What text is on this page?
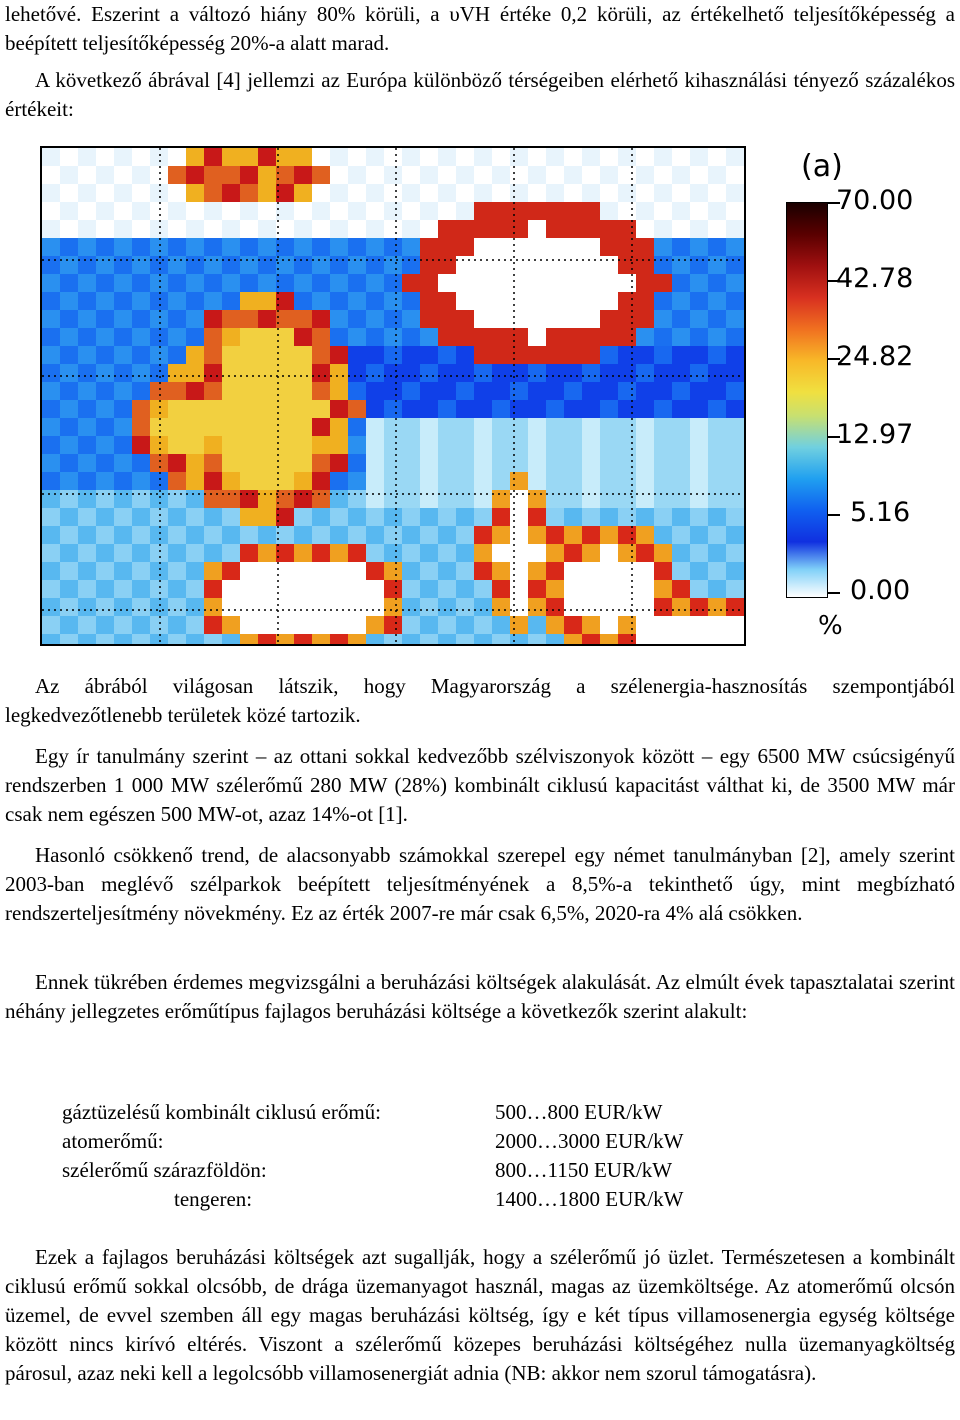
lehetővé. Eszerint a változó hiány 80% körüli, a υVH értéke 0,2 körüli, az értékelhető teljesítőképesség a beépített teljesítőképesség 20%-a alatt marad.

A következő ábrával [4] jellemzi az Európa különböző térségeiben elérhető kihasználási tényező százalékos értékeit:

(a)
70.00
42.78
24.82
12.97
5.16
0.00
%

Az ábrából világosan látszik, hogy Magyarország a szélenergia-hasznosítás szempontjából legkedvezőtlenebb területek közé tartozik.

Egy ír tanulmány szerint – az ottani sokkal kedvezőbb szélviszonyok között – egy 6500 MW csúcsigényű rendszerben 1 000 MW szélerőmű 280 MW (28%) kombinált ciklusú kapacitást válthat ki, de 3500 MW már csak nem egészen 500 MW-ot, azaz 14%-ot [1].

Hasonló csökkenő trend, de alacsonyabb számokkal szerepel egy német tanulmányban [2], amely szerint 2003-ban meglévő szélparkok beépített teljesítményének a 8,5%-a tekinthető úgy, mint megbízható rendszerteljesítmény növekmény. Ez az érték 2007-re már csak 6,5%, 2020-ra 4% alá csökken.

Ennek tükrében érdemes megvizsgálni a beruházási költségek alakulását. Az elmúlt évek tapasztalatai szerint néhány jellegzetes erőműtípus fajlagos beruházási költsége a következők szerint alakult:

gáztüzelésű kombinált ciklusú erőmű:	500…800 EUR/kW
atomerőmű:	2000…3000 EUR/kW
szélerőmű szárazföldön:	800…1150 EUR/kW
tengeren:	1400…1800 EUR/kW

Ezek a fajlagos beruházási költségek azt sugallják, hogy a szélerőmű jó üzlet. Természetesen a kombinált ciklusú erőmű sokkal olcsóbb, de drága üzemanyagot használ, magas az üzemköltsége. Az atomerőmű olcsón üzemel, de evvel szemben áll egy magas beruházási költség, így e két típus villamosenergia egység költsége között nincs kirívó eltérés. Viszont a szélerőmű közepes beruházási költségéhez nulla üzemanyagköltség párosul, azaz neki kell a legolcsóbb villamosenergiát adnia (NB: akkor nem szorul támogatásra).
